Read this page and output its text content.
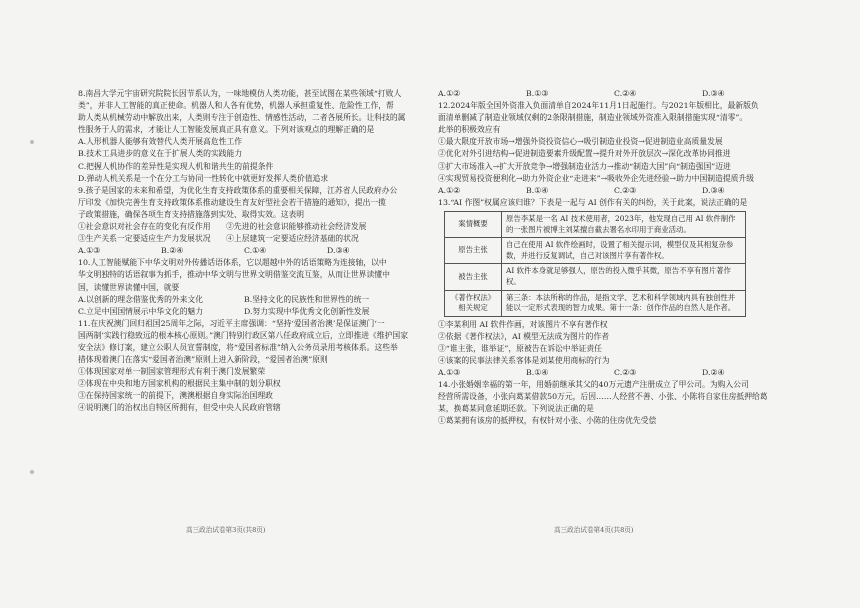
8.南昌大学元宇宙研究院院长因节系认为，一味地模仿人类功能，甚至试图在某些领域“打败人

类”，并非人工智能的真正使命。机器人和人各有优势，机器人承担重复性、危险性工作，帮

助人类从机械劳动中解放出来，人类则专注于创造性、情感性活动，二者各展所长。让科技的属

性服务于人的需求，才能让人工智能发展真正具有意义。下列对该观点的理解正确的是

A.人形机器人能够有效替代人类开展高危性工作

B.技术工具进步的意义在于扩展人类的实践能力

C.把握人机协作的差异性是实现人机和谐共生的前提条件

D.弹动人机关系是一个在分工与协同一性转化中就更好发挥人类价值追求

9.孩子是国家的未来和希望，为优化生育支持政策体系的重要相关保障，江苏省人民政府办公

厅印发《加快完善生育支持政策体系推动建设生育友好型社会若干措施的通知》，提出一揽

子政策措施，确保各项生育支持措施落到实处、取得实效。这表明

①社会意识对社会存在的变化有反作用　　②先进的社会意识能够推动社会经济发展

③生产关系一定要适应生产力发展状况　　④上层建筑一定要适应经济基础的状况

A.①③	B.②④	C.①④	D.③④

10.人工智能赋能下中华文明对外传播话语体系，它以超越中外的话语策略为连接轴，以中

华文明独特的话语叙事为抓手，推动中华文明与世界文明借鉴交流互鉴，从而让世界读懂中

国，读懂世界读懂中国，就要

A.以创新的理念借鉴优秀的外来文化	B.坚持文化的民族性和世界性的统一
C.立足中国国情展示中华文化的魅力	D.努力实现中华优秀文化创新性发展

11.在庆祝澳门回归祖国25周年之际，习近平主席强调：“坚持‘爱国者治澳’是保证澳门‘一

国两制’实践行稳致远的根本核心原则。”澳门特别行政区第八任政府成立后，立即推进《维护国家

安全法》修订案，建立公职人员宣誓制度，将“爱国者标准”纳入公务员录用考核体系。这些举

措体现着澳门在落实“爱国者治澳”原则上进入新阶段，“爱国者治澳”原则

①体现国家对单一制国家管理形式有利于澳门发展繁荣

②体现在中央和地方国家机构的根据民主集中制的划分职权

③在保持国家统一的前提下，澳澳根据自身实际治国理政

④说明澳门的治权出自特区所拥有，但受中央人民政府管辖

高三政治试卷第3页(共8页)
A.①②	B.①③	C.②④	D.③④

12.2024年版全国外资准入负面清单自2024年11月1日起施行。与2021年版相比，最新版负

面清单删减了制造业领域仅剩的2条限制措施，制造业领域外资准入限制措施实现“清零”。

此举的积极效应有

①最大限度开放市场→增强外资投资信心→吸引制造业投资→促进制造业高质量发展

②优化对外引进结构→促进制造要素升级配置→提升对外开放层次→深化改革协同推进

③扩大市场准入→扩大开放竞争→增强制造业活力→推动“制造大国”向“制造强国”迈进

④实现贸易投资便利化→助力外资企业“走进来”→吸收外企先进经验→助力中国制造提质升级

A.①②	B.①④	C.②③	D.③④

13.“AI 作图”权属应该归谁？下表是一起与 AI 创作有关的纠纷，关于此案，说法正确的是

案情概要	原告李某是一名 AI 技术使用者，2023年，他发现自己用 AI 软件制作的一张图片被博主刘某擅自截去署名水印用于商业活动。
原告主张	自己在使用 AI 软件绘画时，设置了相关提示词，模型仅及其相复杂参数，并进行反复调试，自己对该图片享有著作权。
被告主张	AI 软件本身就足够强人，原告的投入微乎其微，原告不享有图片著作权。
《著作权法》相关规定	第三条：本法所称的作品，是指文学、艺术和科学领域内具有独创性并能以一定形式表现的智力成果。第十一条：创作作品的自然人是作者。

①李某利用 AI 软件作画，对该图片不享有著作权

②依据《著作权法》，AI 模型无法成为图片的作者

③“谁主张，谁举证”，原被告在诉讼中举证责任

④该案的民事法律关系客体是刘某使用商标的行为

A.①③	B.①④	C.②③	D.②④

14.小张婚姻幸福的第一年，用婚前继承其父的40万元遗产注册成立了甲公司。为购入公司

经营所需设备，小张向葛某借款50万元，后因……人经营不善、小张、小陈将自家住房抵押给葛

某，换葛某同意延期还款。下列说法正确的是

①葛某拥有该房的抵押权，有权针对小张、小陈的住房优先受偿

高三政治试卷第4页(共8页)
